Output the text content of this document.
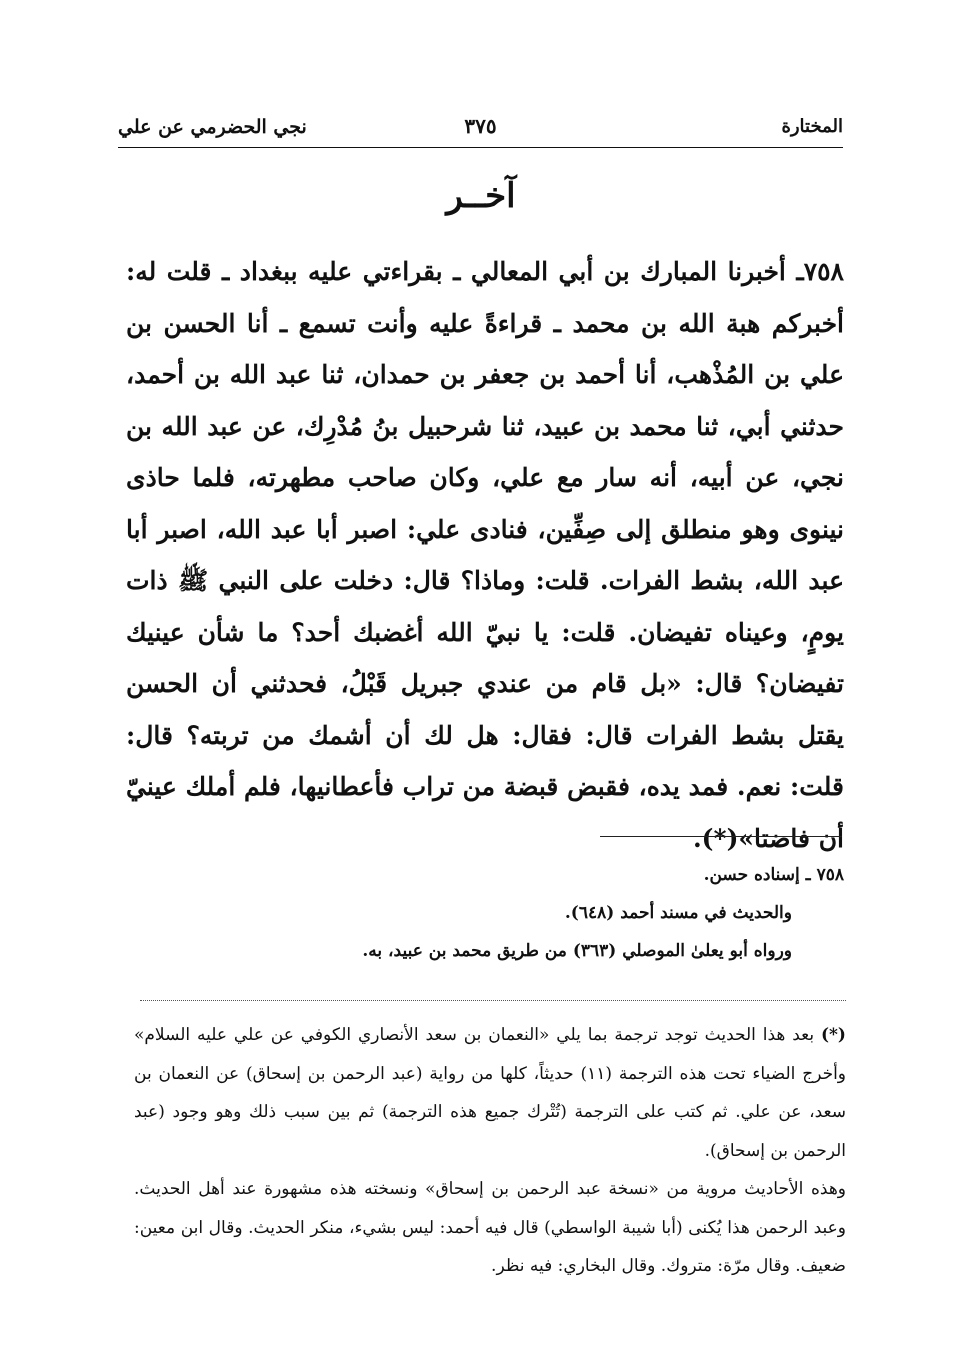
المختارة
٣٧٥
نجي الحضرمي عن علي
آخــر
٧٥٨ـ أخبرنا المبارك بن أبي المعالي ـ بقراءتي عليه ببغداد ـ قلت له: أخبركم هبة الله بن محمد ـ قراءةً عليه وأنت تسمع ـ أنا الحسن بن علي بن المُذْهب، أنا أحمد بن جعفر بن حمدان، ثنا عبد الله بن أحمد، حدثني أبي، ثنا محمد بن عبيد، ثنا شرحبيل بنُ مُدْرِك، عن عبد الله بن نجي، عن أبيه، أنه سار مع علي، وكان صاحب مطهرته، فلما حاذى نينوى وهو منطلق إلى صِفِّين، فنادى علي: اصبر أبا عبد الله، اصبر أبا عبد الله، بشط الفرات. قلت: وماذا؟ قال: دخلت على النبي ﷺ ذات يومٍ، وعيناه تفيضان. قلت: يا نبيّ الله أغضبك أحد؟ ما شأن عينيك تفيضان؟ قال: «بل قام من عندي جبريل قَبْلُ، فحدثني أن الحسن يقتل بشط الفرات قال: فقال: هل لك أن أشمك من تربته؟ قال: قلت: نعم. فمد يده، فقبض قبضة من تراب فأعطانيها، فلم أملك عينيّ أن فاضتا»(*).
٧٥٨ ـ إسناده حسن.
والحديث في مسند أحمد (٦٤٨).
ورواه أبو يعلىٰ الموصلي (٣٦٣) من طريق محمد بن عبيد، به.

(*) بعد هذا الحديث توجد ترجمة بما يلي «النعمان بن سعد الأنصاري الكوفي عن علي عليه السلام» وأخرج الضياء تحت هذه الترجمة (١١) حديثاً، كلها من رواية (عبد الرحمن بن إسحاق) عن النعمان بن سعد، عن علي. ثم كتب على الترجمة (تُتْرك جميع هذه الترجمة) ثم بين سبب ذلك وهو وجود (عبد الرحمن بن إسحاق).

وهذه الأحاديث مروية من «نسخة عبد الرحمن بن إسحاق» ونسخته هذه مشهورة عند أهل الحديث. وعبد الرحمن هذا يُكنى (أبا شيبة الواسطي) قال فيه أحمد: ليس بشيء، منكر الحديث. وقال ابن معين: ضعيف. وقال مرّة: متروك. وقال البخاري: فيه نظر.
